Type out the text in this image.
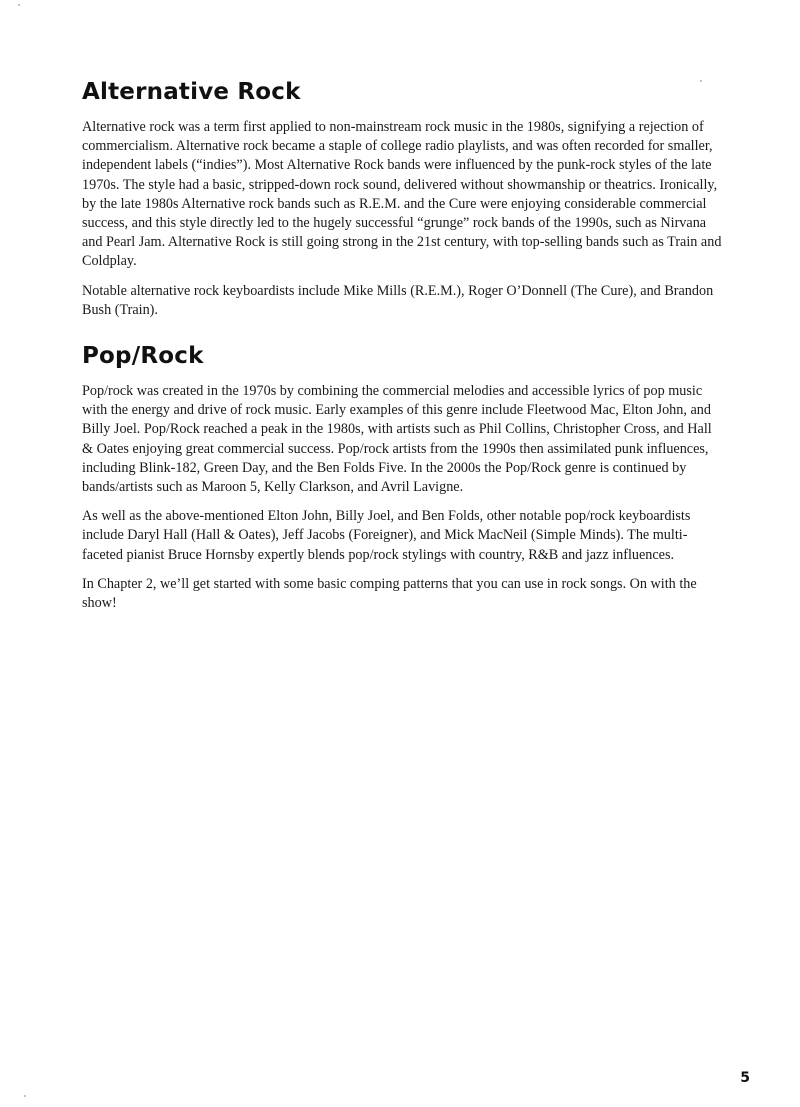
Alternative Rock

Alternative rock was a term first applied to non-mainstream rock music in the 1980s, signifying a rejection of commercialism. Alternative rock became a staple of college radio playlists, and was often recorded for smaller, independent labels (“indies”). Most Alternative Rock bands were influenced by the punk-rock styles of the late 1970s. The style had a basic, stripped-down rock sound, delivered without showmanship or theatrics. Ironically, by the late 1980s Alternative rock bands such as R.E.M. and the Cure were enjoying considerable commercial success, and this style directly led to the hugely successful “grunge” rock bands of the 1990s, such as Nirvana and Pearl Jam. Alternative Rock is still going strong in the 21st century, with top-selling bands such as Train and Coldplay.

Notable alternative rock keyboardists include Mike Mills (R.E.M.), Roger O’Donnell (The Cure), and Brandon Bush (Train).

Pop/Rock

Pop/rock was created in the 1970s by combining the commercial melodies and accessible lyrics of pop music with the energy and drive of rock music. Early examples of this genre include Fleetwood Mac, Elton John, and Billy Joel. Pop/Rock reached a peak in the 1980s, with artists such as Phil Collins, Christopher Cross, and Hall & Oates enjoying great commercial success. Pop/rock artists from the 1990s then assimilated punk influences, including Blink-182, Green Day, and the Ben Folds Five. In the 2000s the Pop/Rock genre is continued by bands/artists such as Maroon 5, Kelly Clarkson, and Avril Lavigne.

As well as the above-mentioned Elton John, Billy Joel, and Ben Folds, other notable pop/rock keyboardists include Daryl Hall (Hall & Oates), Jeff Jacobs (Foreigner), and Mick MacNeil (Simple Minds). The multi-faceted pianist Bruce Hornsby expertly blends pop/rock stylings with country, R&B and jazz influences.

In Chapter 2, we’ll get started with some basic comping patterns that you can use in rock songs. On with the show!

5
